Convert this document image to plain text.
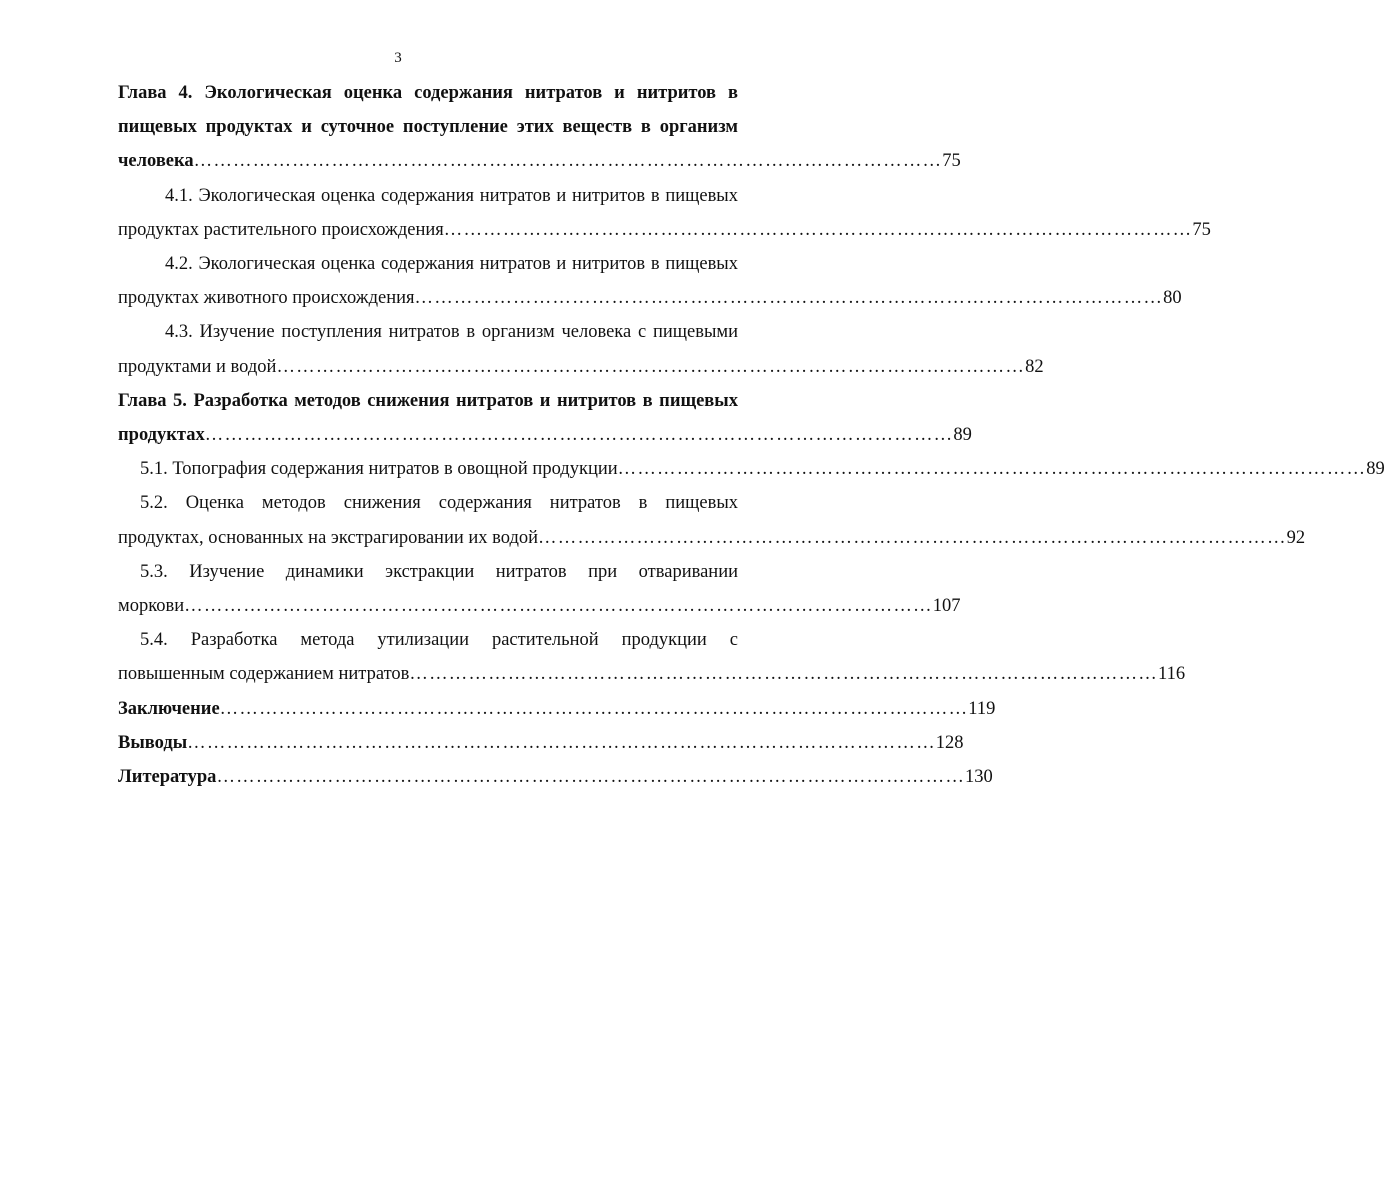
3
Глава 4. Экологическая оценка содержания нитратов и нитритов в
пищевых продуктах и суточное поступление этих веществ в организм
человека …………………………………………………………………………………………………… 75
4.1. Экологическая оценка содержания нитратов и нитритов в пищевых
продуктах растительного происхождения …………………………………………………………………………………………………… 75
4.2. Экологическая оценка содержания нитратов и нитритов в пищевых
продуктах животного происхождения …………………………………………………………………………………………………… 80
4.3. Изучение поступления нитратов в организм человека с пищевыми
продуктами и водой …………………………………………………………………………………………………… 82
Глава 5. Разработка методов снижения нитратов и нитритов в пищевых
продуктах …………………………………………………………………………………………………… 89
5.1. Топография содержания нитратов в овощной продукции …………………………………………………………………………………………………… 89
5.2. Оценка методов снижения содержания нитратов в пищевых
продуктах, основанных на экстрагировании их водой …………………………………………………………………………………………………… 92
5.3. Изучение динамики экстракции нитратов при отваривании
моркови …………………………………………………………………………………………………… 107
5.4. Разработка метода утилизации растительной продукции с
повышенным содержанием нитратов …………………………………………………………………………………………………… 116
Заключение …………………………………………………………………………………………………… 119
Выводы …………………………………………………………………………………………………… 128
Литература …………………………………………………………………………………………………… 130
